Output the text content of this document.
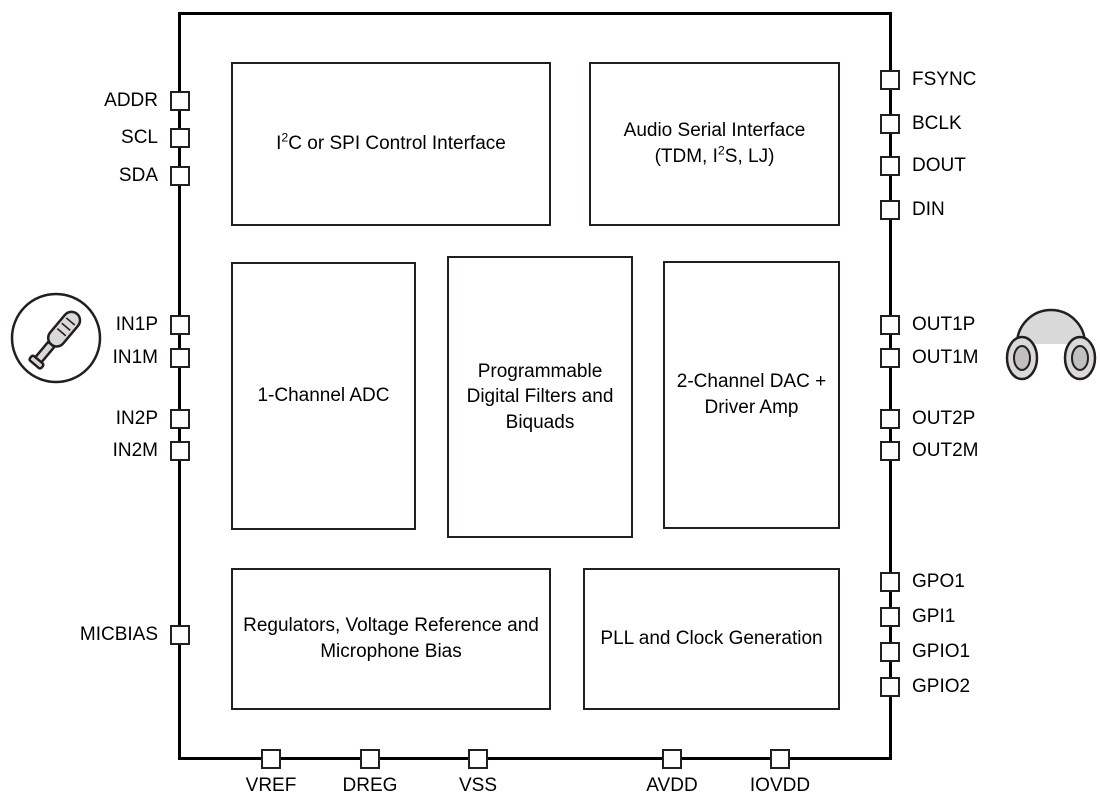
$I^2C$ or SPI Control Interface
Audio Serial Interface
(TDM, $I^2S$, LJ)
1-Channel ADC
Programmable
Digital Filters and
Biquads
2-Channel DAC +
Driver Amp
Regulators, Voltage Reference and
Microphone Bias
PLL and Clock Generation
ADDR
SCL
SDA
IN1P
IN1M
IN2P
IN2M
MICBIAS
FSYNC
BCLK
DOUT
DIN
OUT1P
OUT1M
OUT2P
OUT2M
GPO1
GPI1
GPIO1
GPIO2
VREF	DREG	VSS	AVDD	IOVDD
